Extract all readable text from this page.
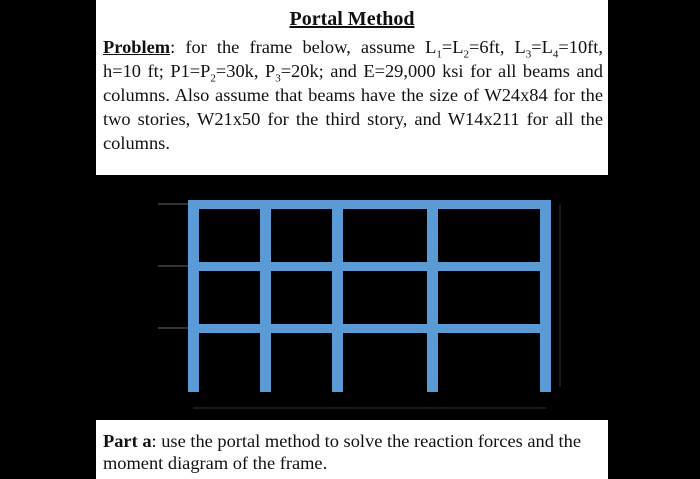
Portal Method
Problem: for the frame below, assume $L_1=L_2=6ft$, $L_3=L_4=10ft$, h=10 ft; $P1=P_2=30k$, $P_3=20k$; and E=29,000 ksi for all beams and columns. Also assume that beams have the size of W24x84 for the two stories, W21x50 for the third story, and W14x211 for all the columns.
Part a: use the portal method to solve the reaction forces and the moment diagram of the frame.
